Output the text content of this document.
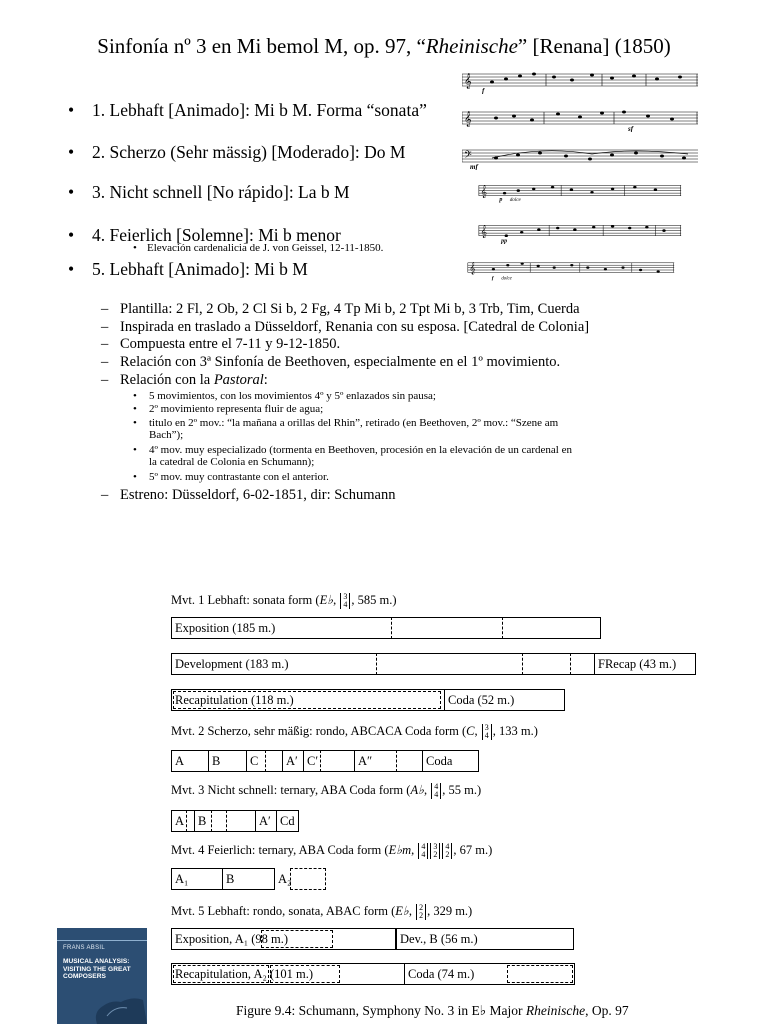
Sinfonía nº 3 en Mi bemol M, op. 97, “Rheinische” [Renana] (1850)
• 1. Lebhaft [Animado]: Mi b M. Forma “sonata”
• 2. Scherzo (Sehr mässig) [Moderado]: Do M
• 3. Nicht schnell [No rápido]: La b M
• 4. Feierlich [Solemne]: Mi b menor
• Elevación cardenalicia de J. von Geissel, 12-11-1850.
• 5. Lebhaft [Animado]: Mi b M
𝄞
f
𝄞
sf
𝄢
mf
𝄞
p dolce
𝄞
pp
𝄞
f dolce
– Plantilla: 2 Fl, 2 Ob, 2 Cl Si b, 2 Fg, 4 Tp Mi b, 2 Tpt Mi b, 3 Trb, Tim, Cuerda
– Inspirada en traslado a Düsseldorf, Renania con su esposa. [Catedral de Colonia]
– Compuesta entre el 7-11 y 9-12-1850.
– Relación con 3ª Sinfonía de Beethoven, especialmente en el 1º movimiento.
– Relación con la Pastoral:
• 5 movimientos, con los movimientos 4º y 5º enlazados sin pausa;
• 2º movimiento representa fluir de agua;
• titulo en 2º mov.: “la mañana a orillas del Rhin”, retirado (en Beethoven, 2º mov.: “Szene am
Bach”);
• 4º mov. muy especializado (tormenta en Beethoven, procesión en la elevación de un cardenal en
la catedral de Colonia en Schumann);
• 5º mov. muy contrastante con el anterior.
– Estreno: Düsseldorf, 6-02-1851, dir: Schumann
Mvt. 1 Lebhaft: sonata form (E♭, 3
4 , 585 m.)
Exposition (185 m.)
Development (183 m.)	FRecap (43 m.)
Recapitulation (118 m.)	Coda (52 m.)
Mvt. 2 Scherzo, sehr mäßig: rondo, ABCACA Coda form (C, 3
4 , 133 m.)
A B C A′ C′	A″	Coda
Mvt. 3 Nicht schnell: ternary, ABA Coda form (A♭, 4
4 , 55 m.)
A B	A′ Cd
Mvt. 4 Feierlich: ternary, ABA Coda form (E♭m, 4
43
24
2 , 67 m.)
A₁	B	A₂
Mvt. 5 Lebhaft: rondo, sonata, ABAC form (E♭, 2
2 , 329 m.)
Exposition, A₁ (98 m.)	Dev., B (56 m.)
Recapitulation, A₂ (101 m.)	Coda (74 m.)
Figure 9.4: Schumann, Symphony No. 3 in E♭ Major Rheinische, Op. 97
FRANS ABSIL
MUSICAL ANALYSIS: VISITING THE GREAT COMPOSERS
